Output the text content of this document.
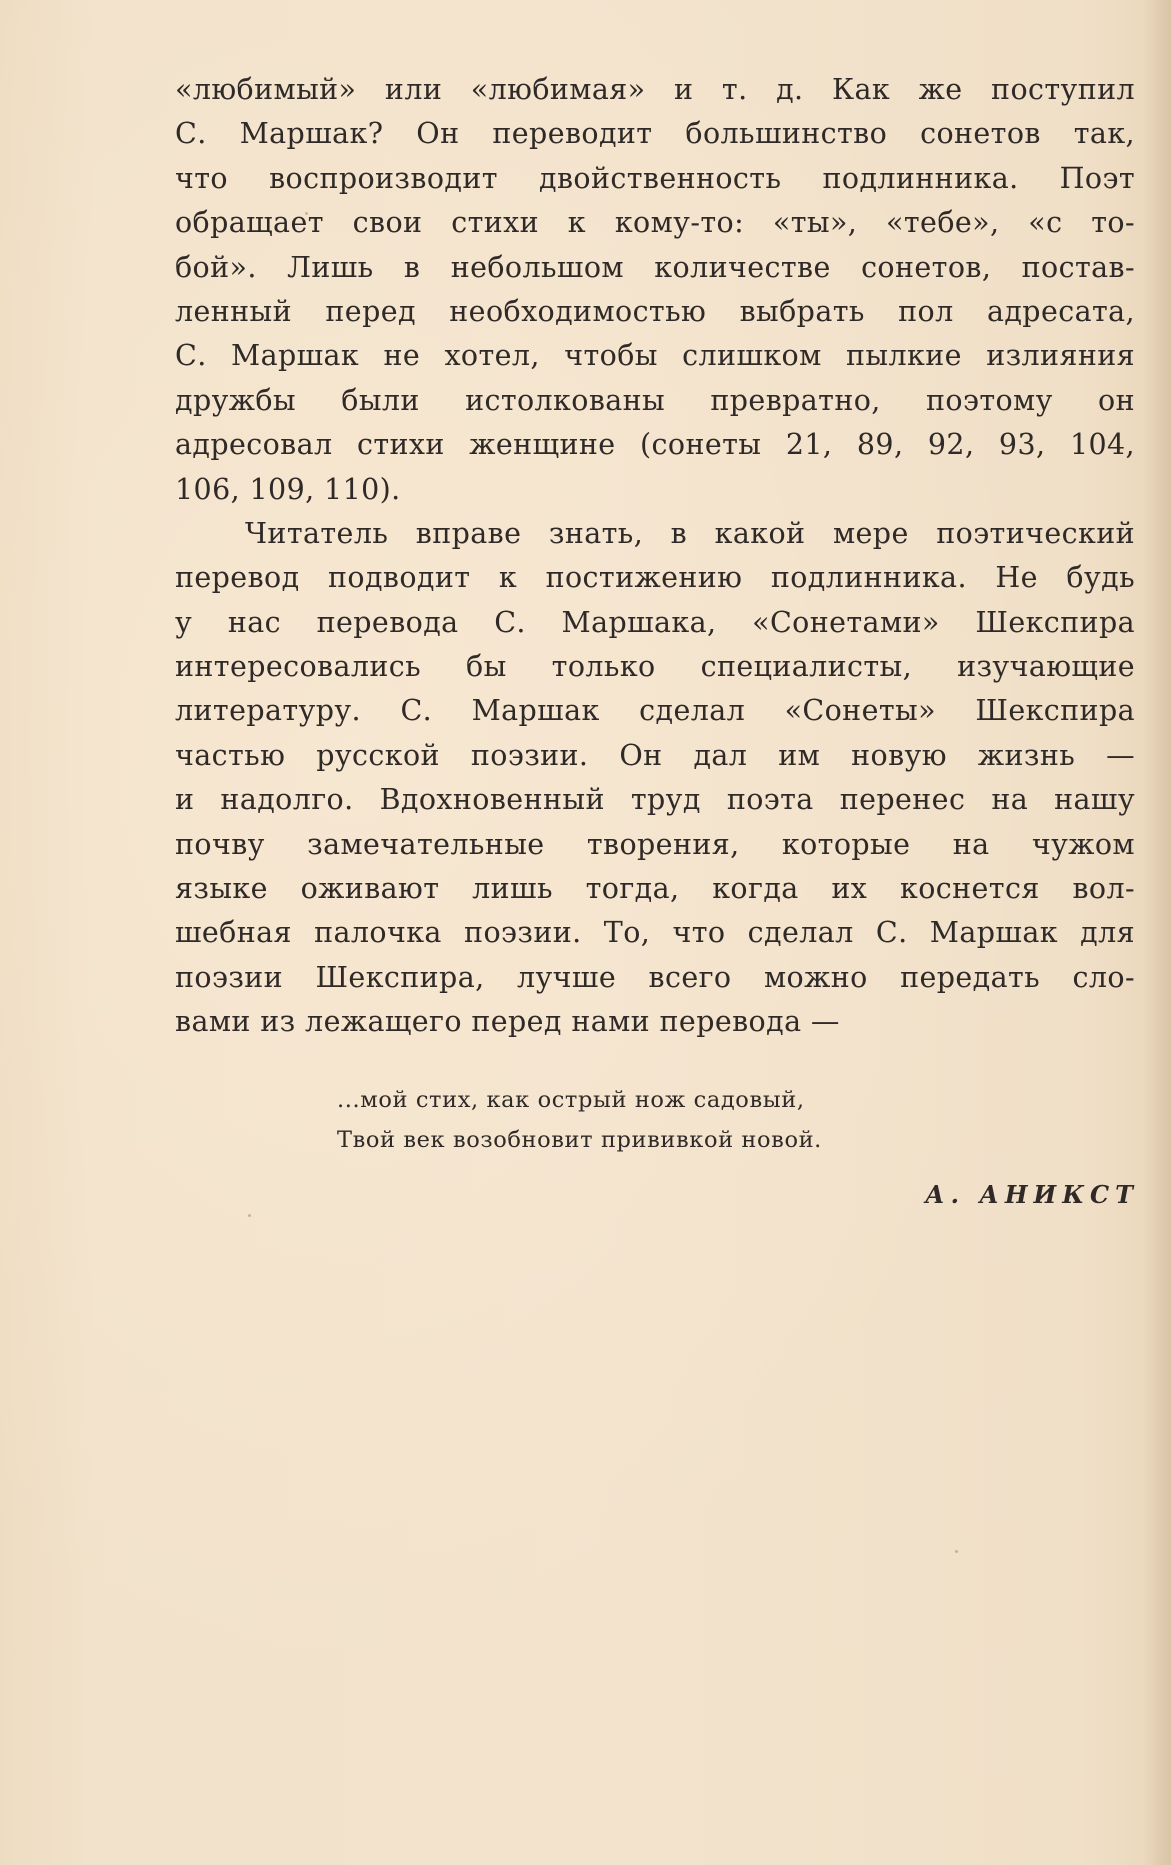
«любимый» или «любимая» и т. д. Как же поступил
С. Маршак? Он переводит большинство сонетов так,
что воспроизводит двойственность подлинника. Поэт
обращает свои стихи к кому-то: «ты», «тебе», «с то-
бой». Лишь в небольшом количестве сонетов, постав-
ленный перед необходимостью выбрать пол адресата,
С. Маршак не хотел, чтобы слишком пылкие излияния
дружбы были истолкованы превратно, поэтому он
адресовал стихи женщине (сонеты 21, 89, 92, 93, 104,
106, 109, 110).
Читатель вправе знать, в какой мере поэтический
перевод подводит к постижению подлинника. Не будь
у нас перевода С. Маршака, «Сонетами» Шекспира
интересовались бы только специалисты, изучающие
литературу. С. Маршак сделал «Сонеты» Шекспира
частью русской поэзии. Он дал им новую жизнь —
и надолго. Вдохновенный труд поэта перенес на нашу
почву замечательные творения, которые на чужом
языке оживают лишь тогда, когда их коснется вол-
шебная палочка поэзии. То, что сделал С. Маршак для
поэзии Шекспира, лучше всего можно передать сло-
вами из лежащего перед нами перевода —
...мой стих, как острый нож садовый,
Твой век возобновит прививкой новой.
А. АНИКСТ
